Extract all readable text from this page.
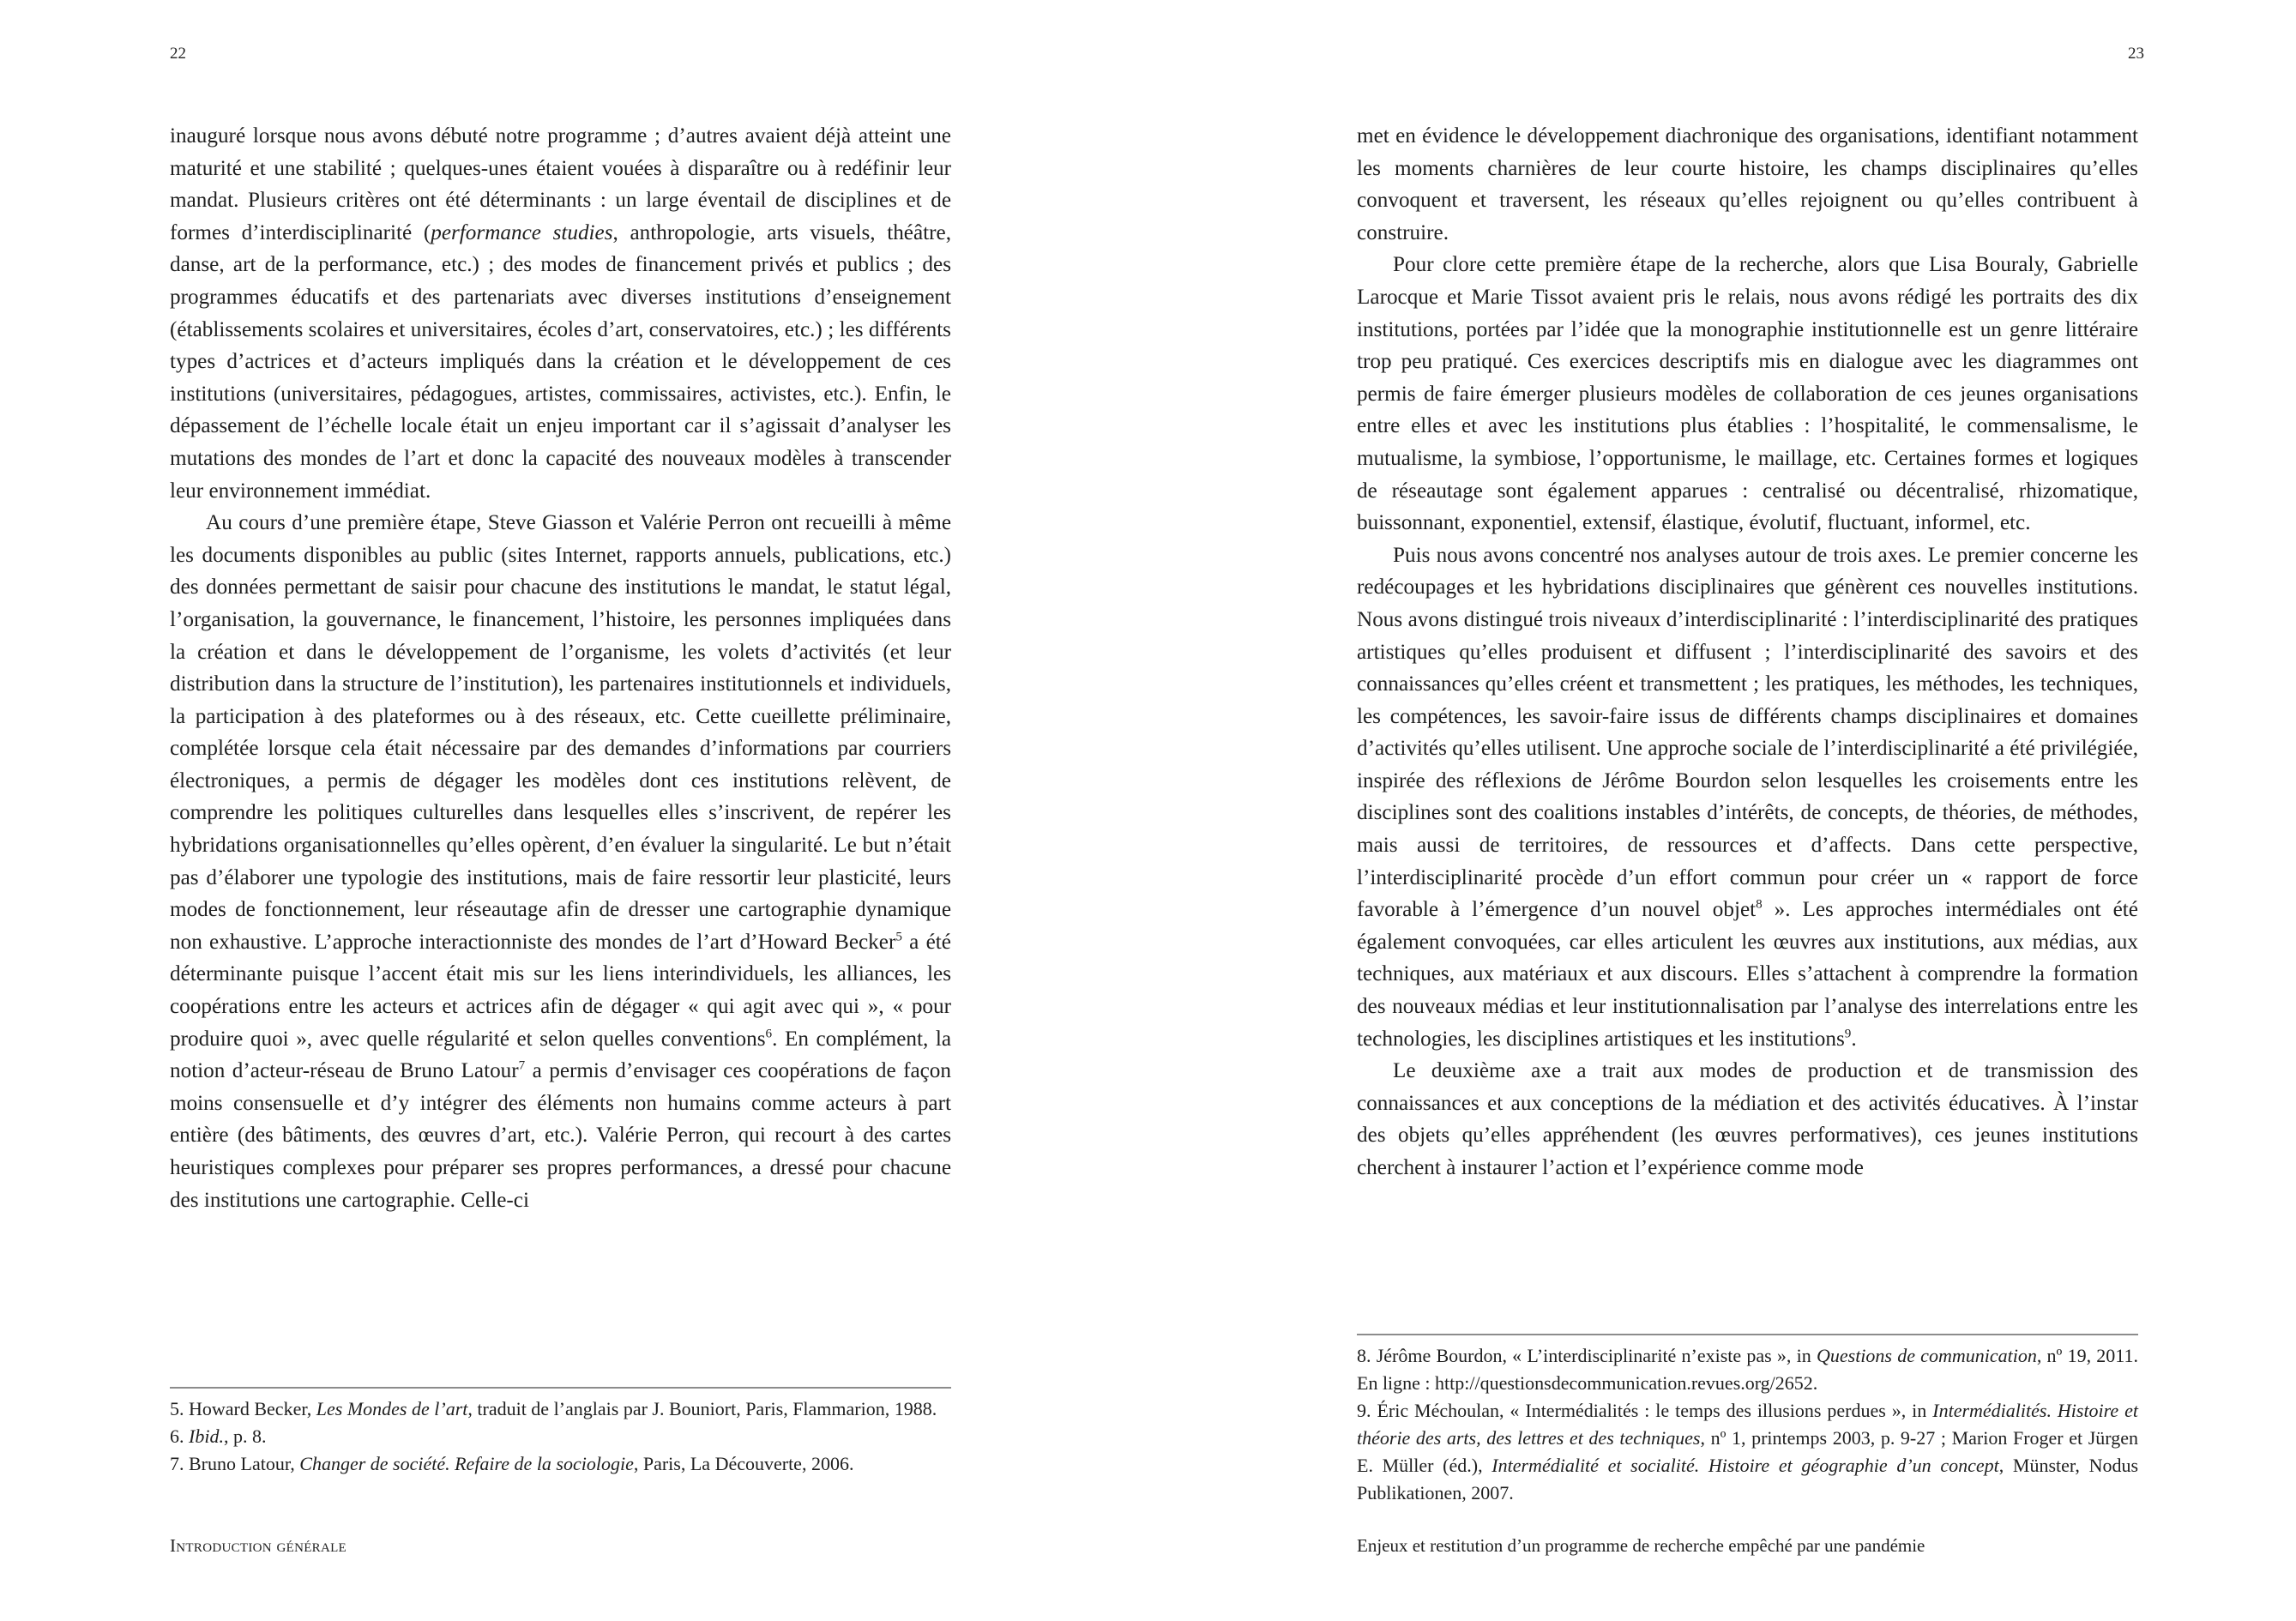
22

inauguré lorsque nous avons débuté notre programme ; d’autres avaient déjà atteint une maturité et une stabilité ; quelques-unes étaient vouées à disparaître ou à redéfinir leur mandat. Plusieurs critères ont été déterminants : un large éventail de disciplines et de formes d’interdisciplinarité (performance studies, anthropologie, arts visuels, théâtre, danse, art de la performance, etc.) ; des modes de financement privés et publics ; des programmes éducatifs et des partenariats avec diverses institutions d’enseignement (établissements scolaires et universitaires, écoles d’art, conservatoires, etc.) ; les différents types d’actrices et d’acteurs impliqués dans la création et le développement de ces institutions (universitaires, pédagogues, artistes, commissaires, activistes, etc.). Enfin, le dépassement de l’échelle locale était un enjeu important car il s’agissait d’analyser les mutations des mondes de l’art et donc la capacité des nouveaux modèles à transcender leur environnement immédiat.

Au cours d’une première étape, Steve Giasson et Valérie Perron ont recueilli à même les documents disponibles au public (sites Internet, rapports annuels, publications, etc.) des données permettant de saisir pour chacune des institutions le mandat, le statut légal, l’organisation, la gouvernance, le financement, l’histoire, les personnes impliquées dans la création et dans le développement de l’organisme, les volets d’activités (et leur distribution dans la structure de l’institution), les partenaires institutionnels et individuels, la participation à des plateformes ou à des réseaux, etc. Cette cueillette préliminaire, complétée lorsque cela était nécessaire par des demandes d’informations par courriers électroniques, a permis de dégager les modèles dont ces institutions relèvent, de comprendre les politiques culturelles dans lesquelles elles s’inscrivent, de repérer les hybridations organisationnelles qu’elles opèrent, d’en évaluer la singularité. Le but n’était pas d’élaborer une typologie des institutions, mais de faire ressortir leur plasticité, leurs modes de fonctionnement, leur réseautage afin de dresser une cartographie dynamique non exhaustive. L’approche interactionniste des mondes de l’art d’Howard Becker$^5$ a été déterminante puisque l’accent était mis sur les liens interindividuels, les alliances, les coopérations entre les acteurs et actrices afin de dégager « qui agit avec qui », « pour produire quoi », avec quelle régularité et selon quelles conventions$^6$. En complément, la notion d’acteur-réseau de Bruno Latour$^7$ a permis d’envisager ces coopérations de façon moins consensuelle et d’y intégrer des éléments non humains comme acteurs à part entière (des bâtiments, des œuvres d’art, etc.). Valérie Perron, qui recourt à des cartes heuristiques complexes pour préparer ses propres performances, a dressé pour chacune des institutions une cartographie. Celle-ci

5. Howard Becker, Les Mondes de l’art, traduit de l’anglais par J. Bouniort, Paris, Flammarion, 1988.

6. Ibid., p. 8.

7. Bruno Latour, Changer de société. Refaire de la sociologie, Paris, La Découverte, 2006.

Introduction générale
23

met en évidence le développement diachronique des organisations, identifiant notamment les moments charnières de leur courte histoire, les champs disciplinaires qu’elles convoquent et traversent, les réseaux qu’elles rejoignent ou qu’elles contribuent à construire.

Pour clore cette première étape de la recherche, alors que Lisa Bouraly, Gabrielle Larocque et Marie Tissot avaient pris le relais, nous avons rédigé les portraits des dix institutions, portées par l’idée que la monographie institutionnelle est un genre littéraire trop peu pratiqué. Ces exercices descriptifs mis en dialogue avec les diagrammes ont permis de faire émerger plusieurs modèles de collaboration de ces jeunes organisations entre elles et avec les institutions plus établies : l’hospitalité, le commensalisme, le mutualisme, la symbiose, l’opportunisme, le maillage, etc. Certaines formes et logiques de réseautage sont également apparues : centralisé ou décentralisé, rhizomatique, buissonnant, exponentiel, extensif, élastique, évolutif, fluctuant, informel, etc.

Puis nous avons concentré nos analyses autour de trois axes. Le premier concerne les redécoupages et les hybridations disciplinaires que génèrent ces nouvelles institutions. Nous avons distingué trois niveaux d’interdisciplinarité : l’interdisciplinarité des pratiques artistiques qu’elles produisent et diffusent ; l’interdisciplinarité des savoirs et des connaissances qu’elles créent et transmettent ; les pratiques, les méthodes, les techniques, les compétences, les savoir-faire issus de différents champs disciplinaires et domaines d’activités qu’elles utilisent. Une approche sociale de l’interdisciplinarité a été privilégiée, inspirée des réflexions de Jérôme Bourdon selon lesquelles les croisements entre les disciplines sont des coalitions instables d’intérêts, de concepts, de théories, de méthodes, mais aussi de territoires, de ressources et d’affects. Dans cette perspective, l’interdisciplinarité procède d’un effort commun pour créer un « rapport de force favorable à l’émergence d’un nouvel objet$^8$ ». Les approches intermédiales ont été également convoquées, car elles articulent les œuvres aux institutions, aux médias, aux techniques, aux matériaux et aux discours. Elles s’attachent à comprendre la formation des nouveaux médias et leur institutionnalisation par l’analyse des interrelations entre les technologies, les disciplines artistiques et les institutions$^9$.

Le deuxième axe a trait aux modes de production et de transmission des connaissances et aux conceptions de la médiation et des activités éducatives. À l’instar des objets qu’elles appréhendent (les œuvres performatives), ces jeunes institutions cherchent à instaurer l’action et l’expérience comme mode

8. Jérôme Bourdon, « L’interdisciplinarité n’existe pas », in Questions de communication, nº 19, 2011. En ligne : http://questionsdecommunication.revues.org/2652.

9. Éric Méchoulan, « Intermédialités : le temps des illusions perdues », in Intermédialités. Histoire et théorie des arts, des lettres et des techniques, nº 1, printemps 2003, p. 9-27 ; Marion Froger et Jürgen E. Müller (éd.), Intermédialité et socialité. Histoire et géographie d’un concept, Münster, Nodus Publikationen, 2007.

Enjeux et restitution d’un programme de recherche empêché par une pandémie
